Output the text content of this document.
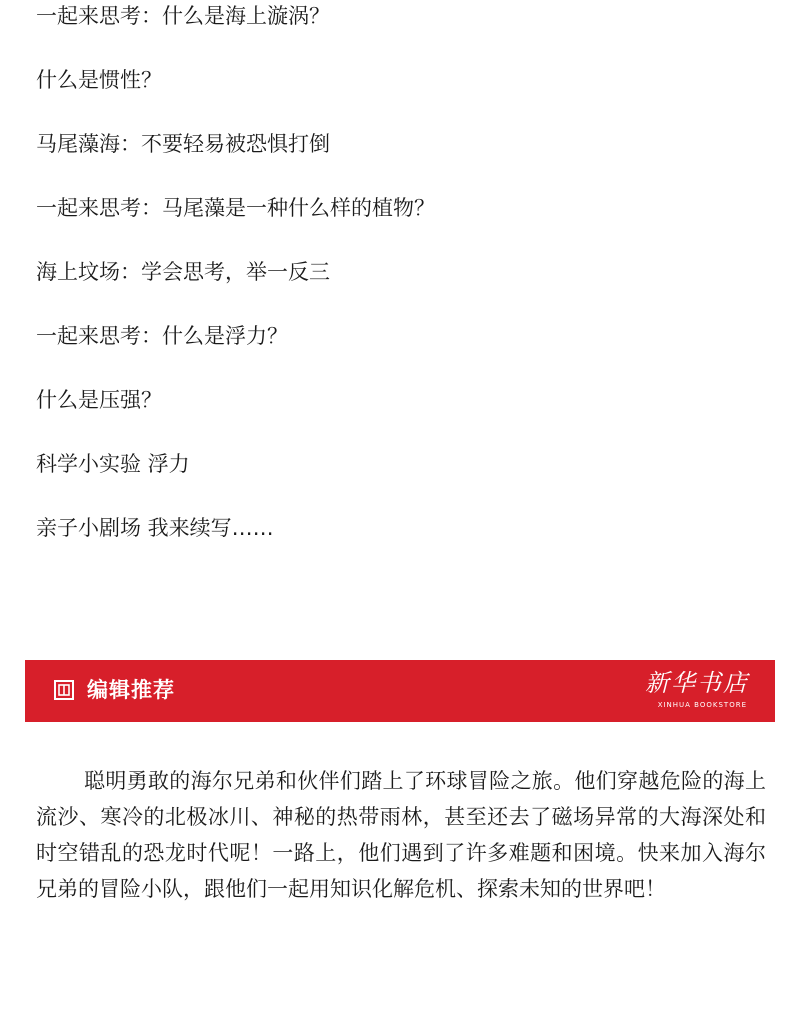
一起来思考：什么是海上漩涡？
什么是惯性？
马尾藻海：不要轻易被恐惧打倒
一起来思考：马尾藻是一种什么样的植物？
海上坟场：学会思考，举一反三
一起来思考：什么是浮力？
什么是压强？
科学小实验 浮力
亲子小剧场 我来续写……
编辑推荐	新华书店
XINHUA BOOKSTORE

聪明勇敢的海尔兄弟和伙伴们踏上了环球冒险之旅。他们穿越危险的海上流沙、寒冷的北极冰川、神秘的热带雨林，甚至还去了磁场异常的大海深处和时空错乱的恐龙时代呢！一路上，他们遇到了许多难题和困境。快来加入海尔兄弟的冒险小队，跟他们一起用知识化解危机、探索未知的世界吧！
